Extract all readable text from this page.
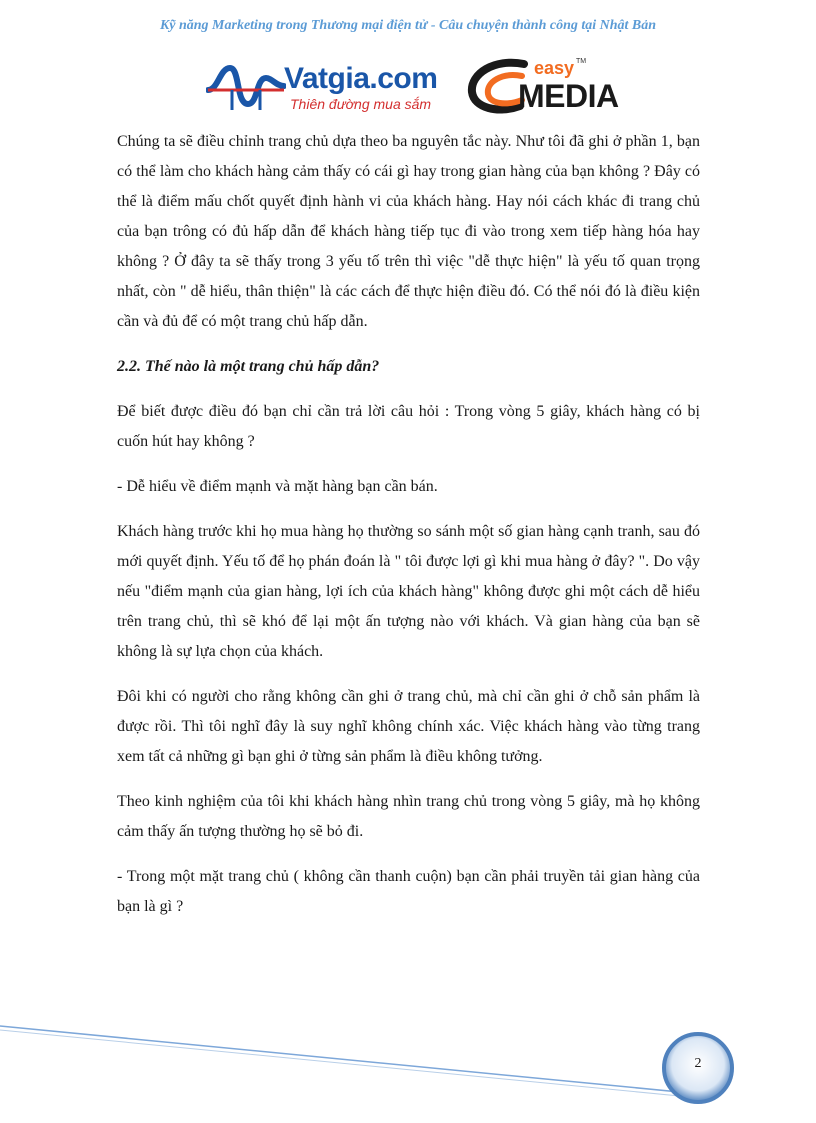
Kỹ năng Marketing trong Thương mại điện tử - Câu chuyện thành công tại Nhật Bản
Vatgia.com
Thiên đường mua sắm
easy TM
MEDIA

Chúng ta sẽ điều chỉnh trang chủ dựa theo ba nguyên tắc này. Như tôi đã ghi ở phần 1, bạn có thể làm cho khách hàng cảm thấy có cái gì hay trong gian hàng của bạn không ? Đây có thể là điểm mấu chốt quyết định hành vi của khách hàng. Hay nói cách khác đi trang chủ của bạn trông có đủ hấp dẫn để khách hàng tiếp tục đi vào trong xem tiếp hàng hóa hay không ? Ở đây ta sẽ thấy trong 3 yếu tố trên thì việc "dễ thực hiện" là yếu tố quan trọng nhất, còn " dễ hiểu, thân thiện" là các cách để thực hiện điều đó. Có thể nói đó là điều kiện cần và đủ để có một trang chủ hấp dẫn.

2.2. Thế nào là một trang chủ hấp dẫn?

Để biết được điều đó bạn chỉ cần trả lời câu hỏi : Trong vòng 5 giây, khách hàng có bị cuốn hút hay không ?

- Dễ hiểu về điểm mạnh và mặt hàng bạn cần bán.

Khách hàng trước khi họ mua hàng họ thường so sánh một số gian hàng cạnh tranh, sau đó mới quyết định. Yếu tố để họ phán đoán là " tôi được lợi gì khi mua hàng ở đây? ". Do vậy nếu "điểm mạnh của gian hàng, lợi ích của khách hàng" không được ghi một cách dễ hiểu trên trang chủ, thì sẽ khó để lại một ấn tượng nào với khách. Và gian hàng của bạn sẽ không là sự lựa chọn của khách.

Đôi khi có người cho rằng không cần ghi ở trang chủ, mà chỉ cần ghi ở chỗ sản phẩm là được rồi. Thì tôi nghĩ đây là suy nghĩ không chính xác. Việc khách hàng vào từng trang xem tất cả những gì bạn ghi ở từng sản phẩm là điều không tưởng.

Theo kinh nghiệm của tôi khi khách hàng nhìn trang chủ trong vòng 5 giây, mà họ không cảm thấy ấn tượng thường họ sẽ bỏ đi.

- Trong một mặt trang chủ ( không cần thanh cuộn) bạn cần phải truyền tải gian hàng của bạn là gì ?

2
